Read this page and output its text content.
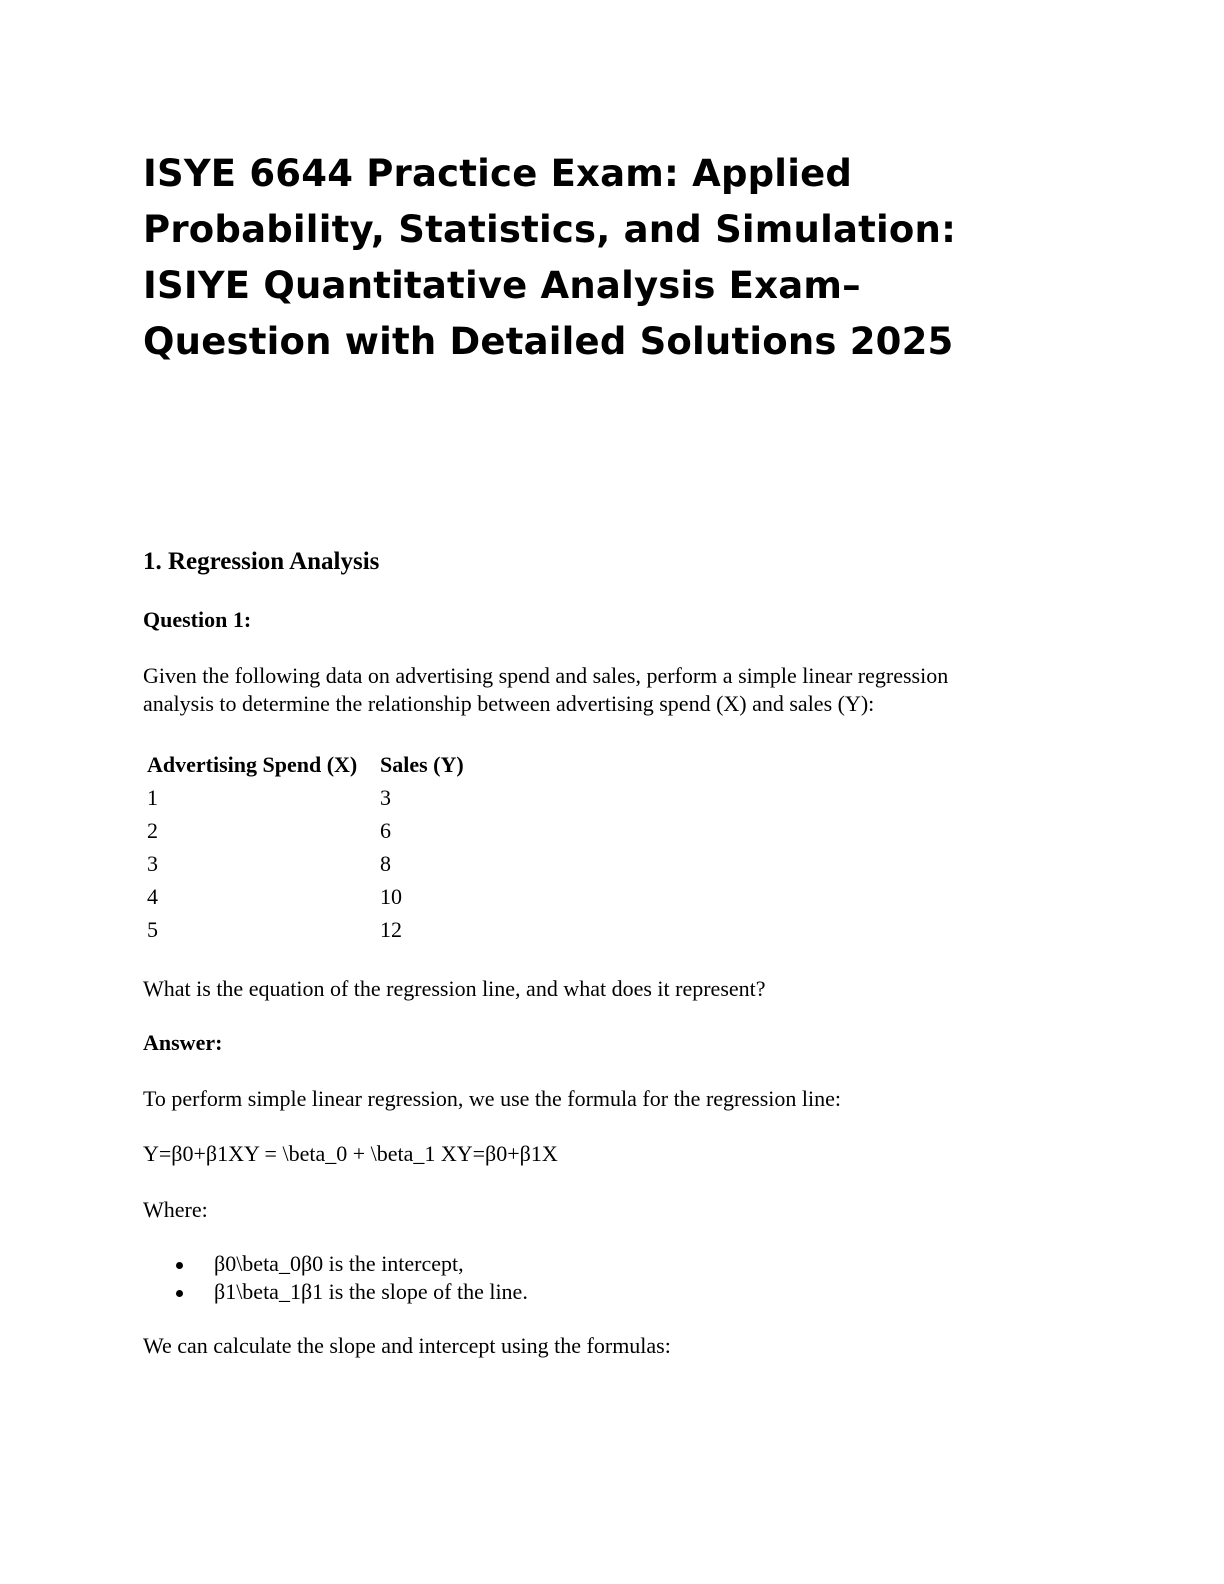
ISYE 6644 Practice Exam: Applied
Probability, Statistics, and Simulation:
ISIYE Quantitative Analysis Exam–
Question with Detailed Solutions 2025
1. Regression Analysis

Question 1:

Given the following data on advertising spend and sales, perform a simple linear regression
analysis to determine the relationship between advertising spend (X) and sales (Y):
Advertising Spend (X)	Sales (Y)
1	3
2	6
3	8
4	10
5	12

What is the equation of the regression line, and what does it represent?

Answer:

To perform simple linear regression, we use the formula for the regression line:

Y=β0+β1XY = \beta_0 + \beta_1 XY=β0+β1X

Where:

β0\beta_0β0 is the intercept,
β1\beta_1β1 is the slope of the line.

We can calculate the slope and intercept using the formulas:
